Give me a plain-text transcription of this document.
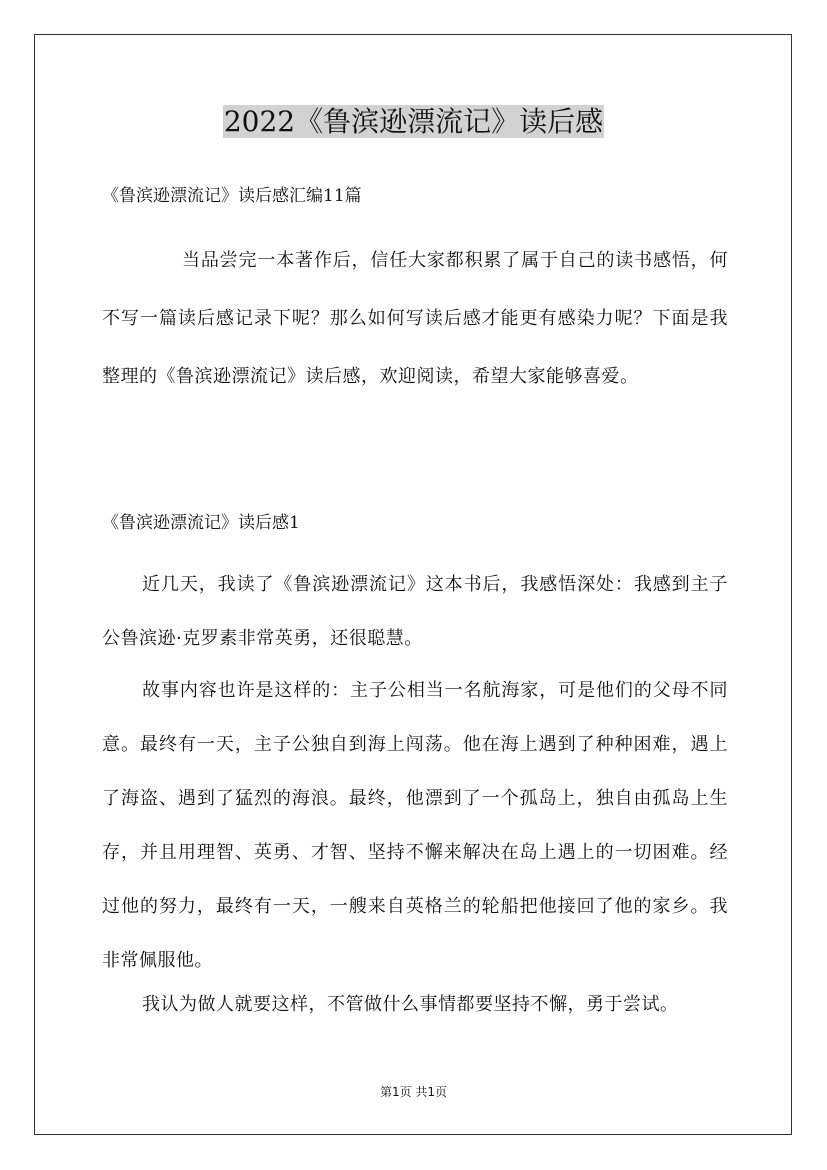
2022《鲁滨逊漂流记》读后感

《鲁滨逊漂流记》读后感汇编11篇

当品尝完一本著作后，信任大家都积累了属于自己的读书感悟，何不写一篇读后感记录下呢？那么如何写读后感才能更有感染力呢？下面是我整理的《鲁滨逊漂流记》读后感，欢迎阅读，希望大家能够喜爱。

《鲁滨逊漂流记》读后感1

近几天，我读了《鲁滨逊漂流记》这本书后，我感悟深处：我感到主子公鲁滨逊·克罗素非常英勇，还很聪慧。

故事内容也许是这样的：主子公相当一名航海家，可是他们的父母不同意。最终有一天，主子公独自到海上闯荡。他在海上遇到了种种困难，遇上了海盗、遇到了猛烈的海浪。最终，他漂到了一个孤岛上，独自由孤岛上生存，并且用理智、英勇、才智、坚持不懈来解决在岛上遇上的一切困难。经过他的努力，最终有一天，一艘来自英格兰的轮船把他接回了他的家乡。我非常佩服他。

我认为做人就要这样，不管做什么事情都要坚持不懈，勇于尝试。

第1页 共1页
